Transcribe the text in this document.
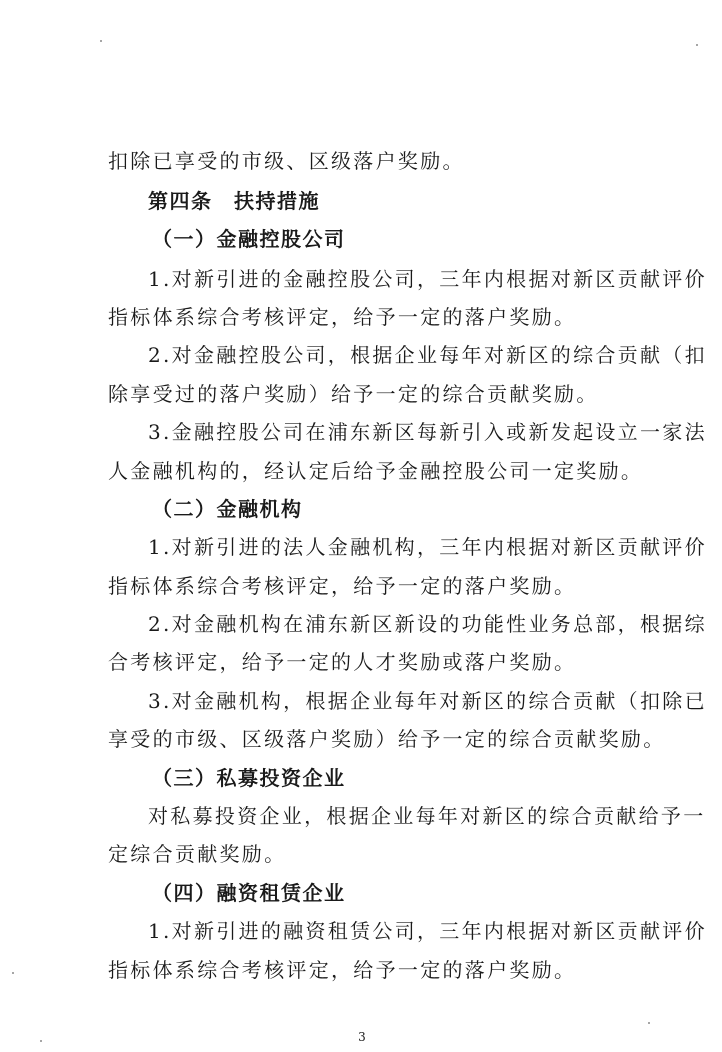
扣除已享受的市级、区级落户奖励。
第四条　扶持措施
（一）金融控股公司
1.对新引进的金融控股公司，三年内根据对新区贡献评价
指标体系综合考核评定，给予一定的落户奖励。
2.对金融控股公司，根据企业每年对新区的综合贡献（扣
除享受过的落户奖励）给予一定的综合贡献奖励。
3.金融控股公司在浦东新区每新引入或新发起设立一家法
人金融机构的，经认定后给予金融控股公司一定奖励。
（二）金融机构
1.对新引进的法人金融机构，三年内根据对新区贡献评价
指标体系综合考核评定，给予一定的落户奖励。
2.对金融机构在浦东新区新设的功能性业务总部，根据综
合考核评定，给予一定的人才奖励或落户奖励。
3.对金融机构，根据企业每年对新区的综合贡献（扣除已
享受的市级、区级落户奖励）给予一定的综合贡献奖励。
（三）私募投资企业
对私募投资企业，根据企业每年对新区的综合贡献给予一
定综合贡献奖励。
（四）融资租赁企业
1.对新引进的融资租赁公司，三年内根据对新区贡献评价
指标体系综合考核评定，给予一定的落户奖励。
3
